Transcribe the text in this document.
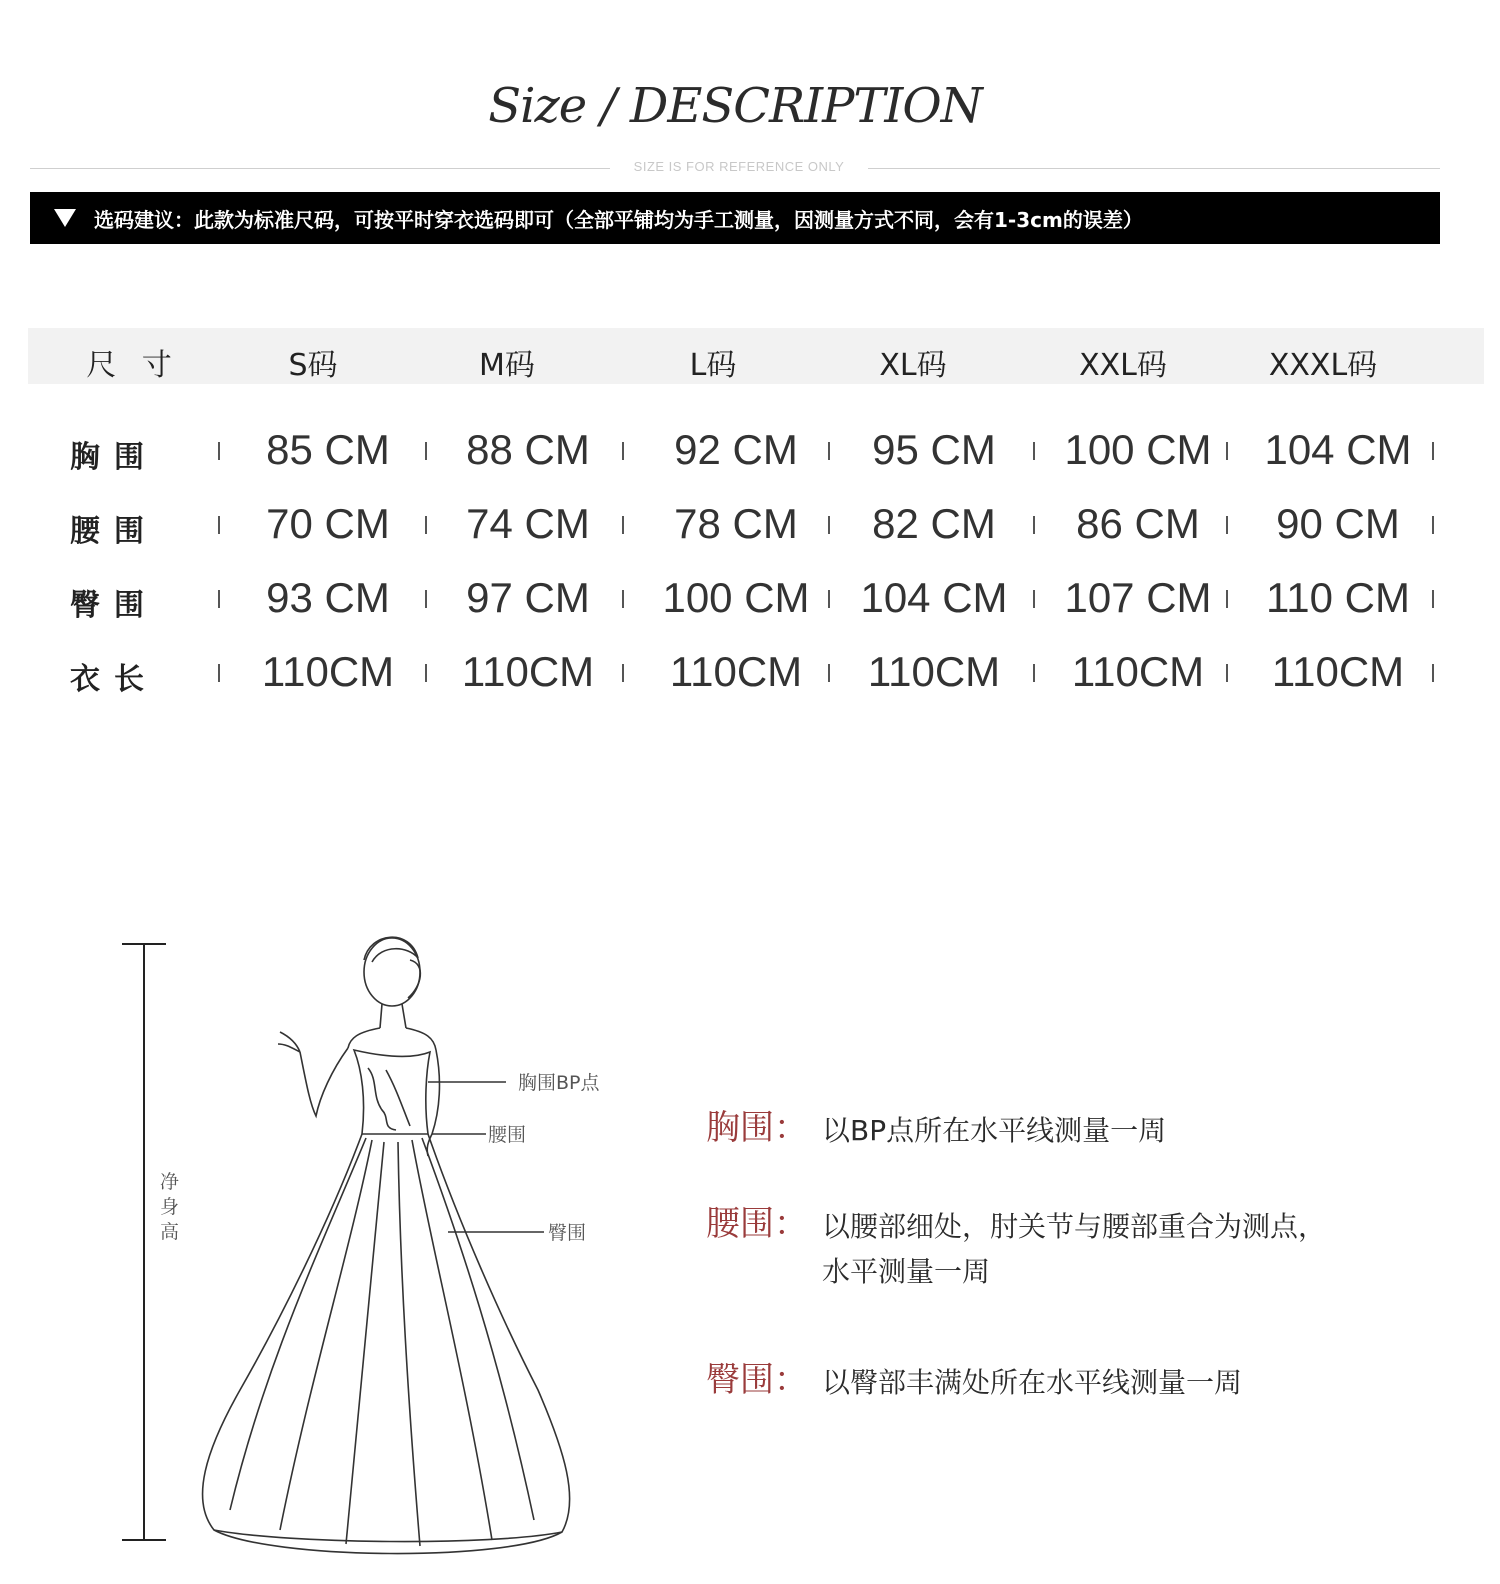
Size / DESCRIPTION
SIZE IS FOR REFERENCE ONLY
选码建议：此款为标准尺码，可按平时穿衣选码即可（全部平铺均为手工测量，因测量方式不同，会有1-3cm的误差）
尺 寸	S码	M码	L码	XL码	XXL码	XXXL码
胸围	85 CM	88 CM	92 CM	95 CM	100 CM	104 CM
腰围	70 CM	74 CM	78 CM	82 CM	86 CM	90 CM
臀围	93 CM	97 CM	100 CM	104 CM	107 CM	110 CM
衣长	110CM	110CM	110CM	110CM	110CM	110CM
净
身
高
胸围BP点
腰围
臀围
胸围： 以BP点所在水平线测量一周
腰围： 以腰部细处，肘关节与腰部重合为测点，水平测量一周
臀围： 以臀部丰满处所在水平线测量一周
